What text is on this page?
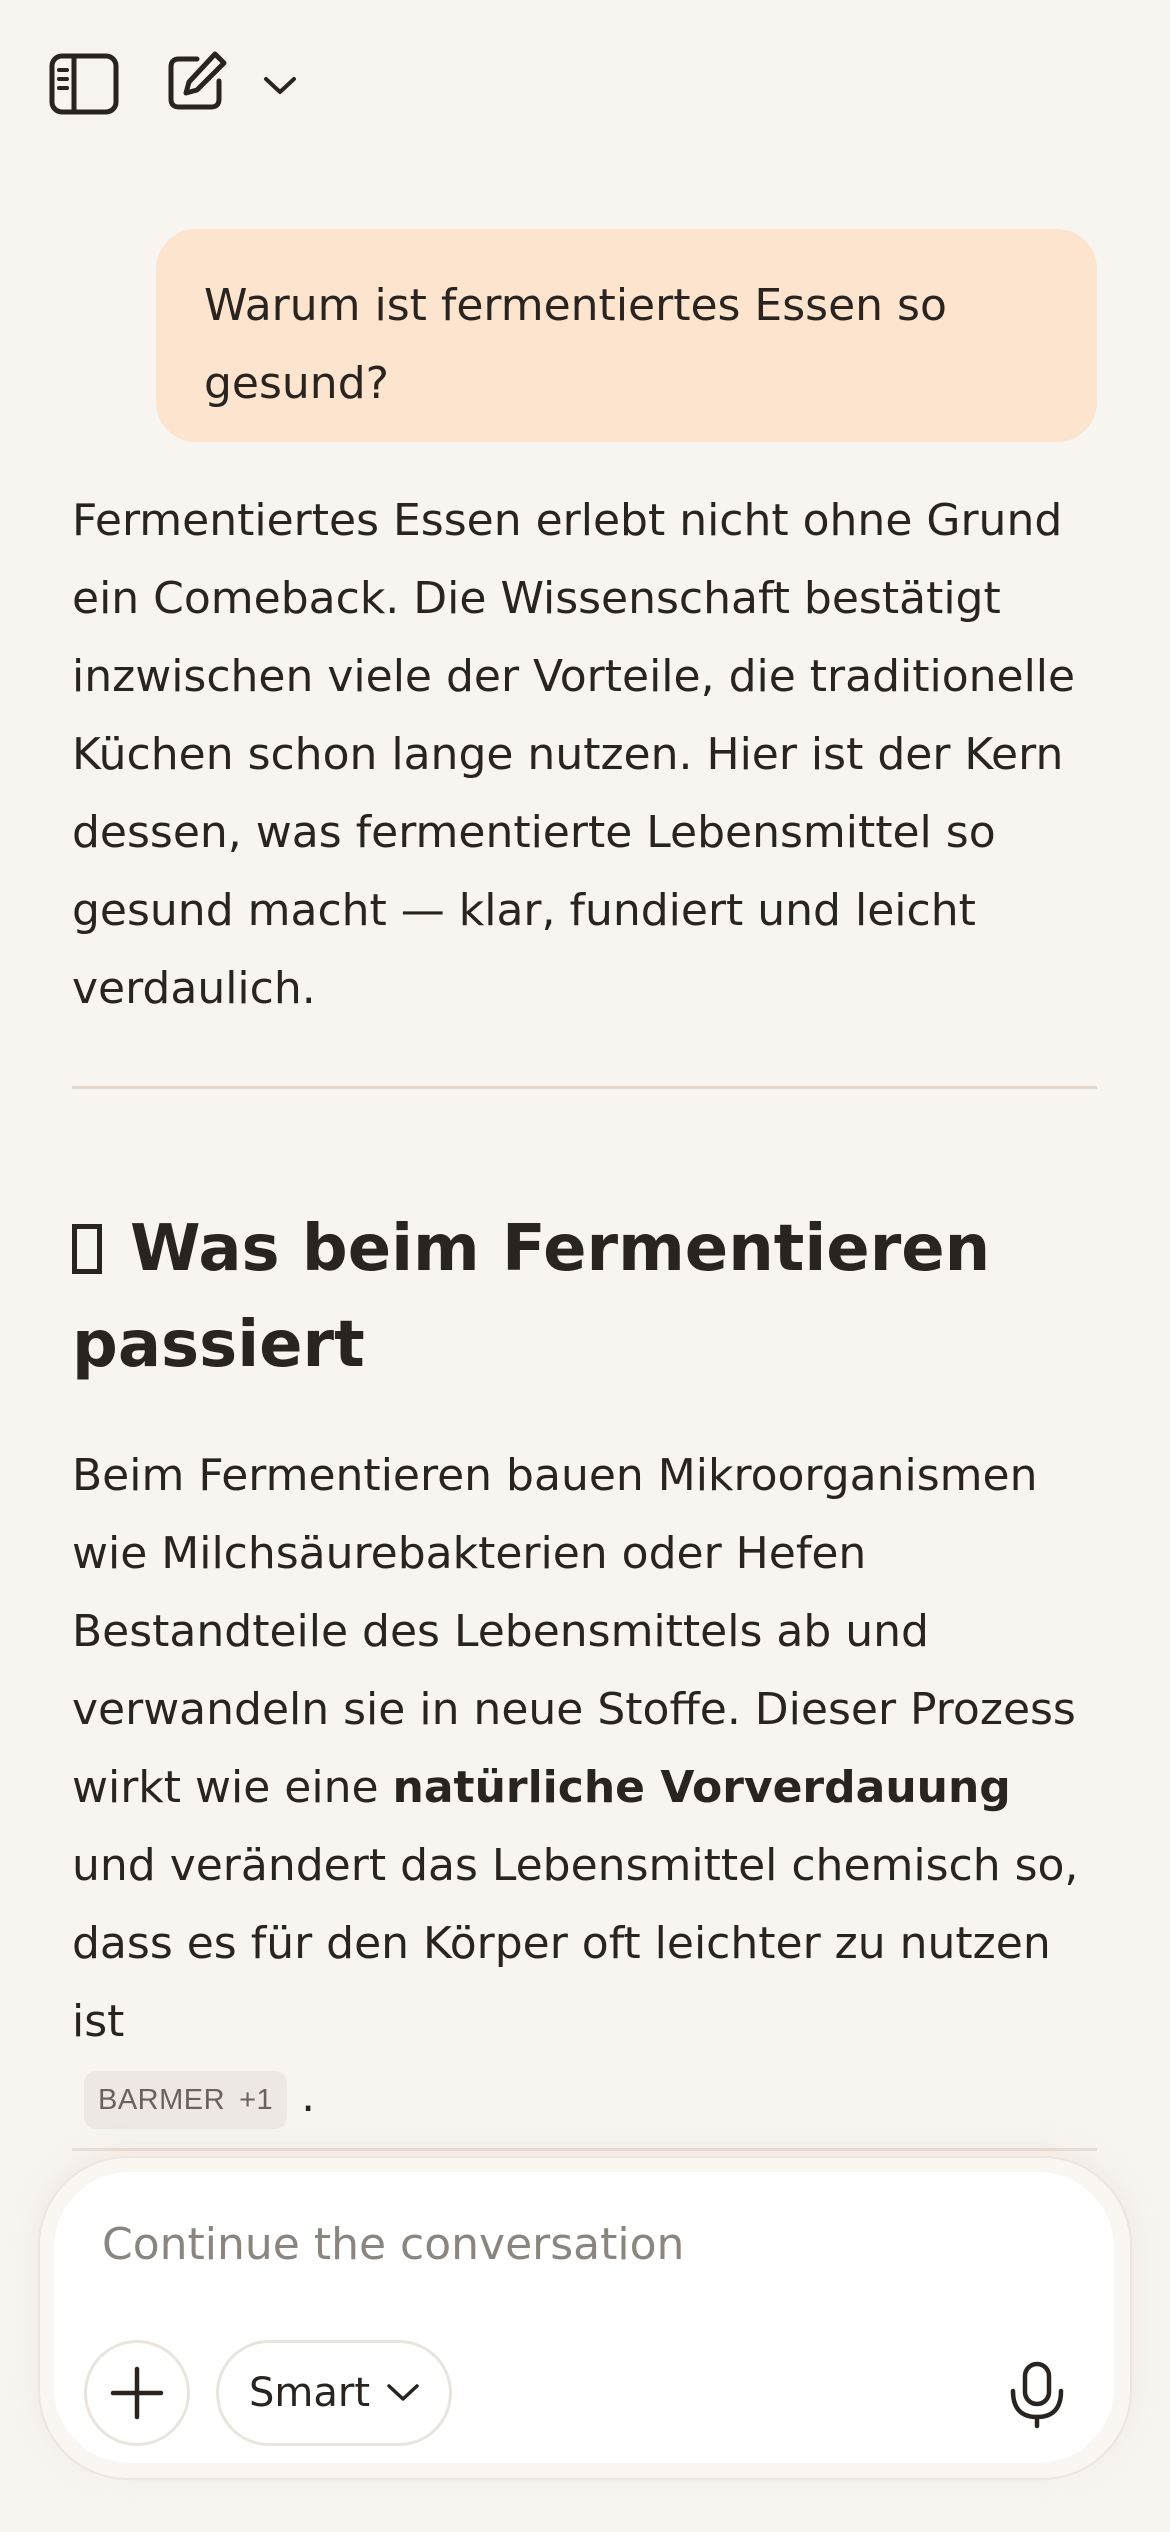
Warum ist fermentiertes Essen so gesund?

Fermentiertes Essen erlebt nicht ohne Grund ein Comeback. Die Wissenschaft bestätigt inzwischen viele der Vorteile, die traditionelle Küchen schon lange nutzen. Hier ist der Kern dessen, was fermentierte Lebensmittel so gesund macht — klar, fundiert und leicht verdaulich.

Was beim Fermentieren passiert

Beim Fermentieren bauen Mikroorganismen wie Milchsäurebakterien oder Hefen Bestandteile des Lebensmittels ab und verwandeln sie in neue Stoffe. Dieser Prozess wirkt wie eine natürliche Vorverdauung und verändert das Lebensmittel chemisch so, dass es für den Körper oft leichter zu nutzen ist

BARMER +1 .
Continue the conversation
Smart
